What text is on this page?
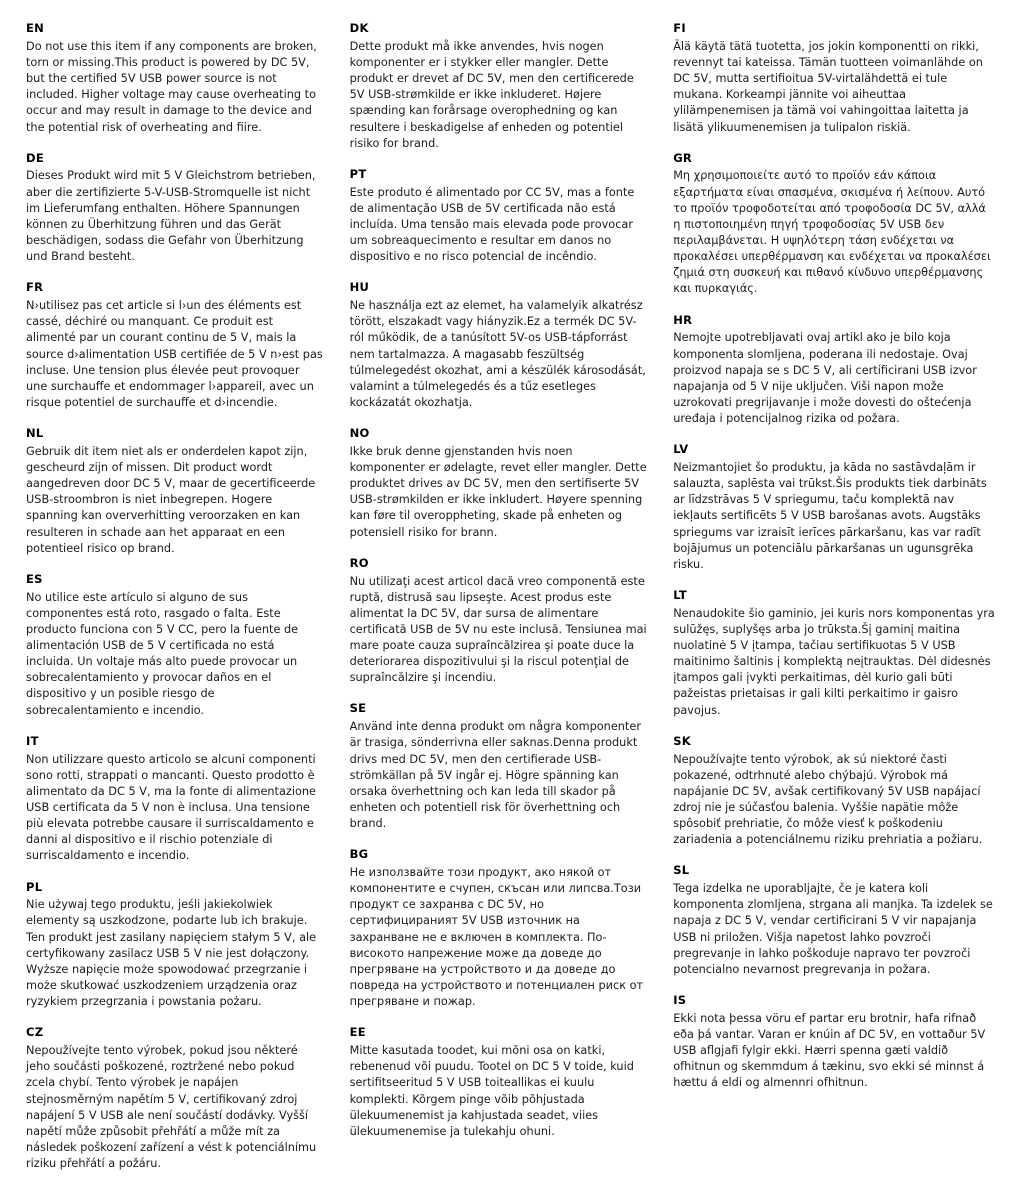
EN

Do not use this item if any components are broken, torn or missing.This product is powered by DC 5V, but the certified 5V USB power source is not included. Higher voltage may cause overheating to occur and may result in damage to the device and the potential risk of overheating and fiire.

DE

Dieses Produkt wird mit 5 V Gleichstrom betrieben, aber die zertifizierte 5-V-USB-Stromquelle ist nicht im Lieferumfang enthalten. Höhere Spannungen können zu Überhitzung führen und das Gerät beschädigen, sodass die Gefahr von Überhitzung und Brand besteht.

FR

N›utilisez pas cet article si l›un des éléments est cassé, déchiré ou manquant. Ce produit est alimenté par un courant continu de 5 V, mais la source d›alimentation USB certifiée de 5 V n›est pas incluse. Une tension plus élevée peut provoquer une surchauffe et endommager l›appareil, avec un risque potentiel de surchauffe et d›incendie.

NL

Gebruik dit item niet als er onderdelen kapot zijn, gescheurd zijn of missen. Dit product wordt aangedreven door DC 5 V, maar de gecertificeerde USB-stroombron is niet inbegrepen. Hogere spanning kan oververhitting veroorzaken en kan resulteren in schade aan het apparaat en een potentieel risico op brand.

ES

No utilice este artículo si alguno de sus componentes está roto, rasgado o falta. Este producto funciona con 5 V CC, pero la fuente de alimentación USB de 5 V certificada no está incluida. Un voltaje más alto puede provocar un sobrecalentamiento y provocar daños en el dispositivo y un posible riesgo de sobrecalentamiento e incendio.

IT

Non utilizzare questo articolo se alcuni componenti sono rotti, strappati o mancanti. Questo prodotto è alimentato da DC 5 V, ma la fonte di alimentazione USB certificata da 5 V non è inclusa. Una tensione più elevata potrebbe causare il surriscaldamento e danni al dispositivo e il rischio potenziale di surriscaldamento e incendio.

PL

Nie używaj tego produktu, jeśli jakiekolwiek elementy są uszkodzone, podarte lub ich brakuje. Ten produkt jest zasilany napięciem stałym 5 V, ale certyfikowany zasilacz USB 5 V nie jest dołączony. Wyższe napięcie może spowodować przegrzanie i może skutkować uszkodzeniem urządzenia oraz ryzykiem przegrzania i powstania pożaru.

CZ

Nepoužívejte tento výrobek, pokud jsou některé jeho součásti poškozené, roztržené nebo pokud zcela chybí. Tento výrobek je napájen stejnosměrným napětím 5 V, certifikovaný zdroj napájení 5 V USB ale není součástí dodávky. Vyšší napětí může způsobit přehřátí a může mít za následek poškození zařízení a vést k potenciálnímu riziku přehřátí a požáru.

DK

Dette produkt må ikke anvendes, hvis nogen komponenter er i stykker eller mangler. Dette produkt er drevet af DC 5V, men den certificerede 5V USB-strømkilde er ikke inkluderet. Højere spænding kan forårsage overophedning og kan resultere i beskadigelse af enheden og potentiel risiko for brand.

PT

Este produto é alimentado por CC 5V, mas a fonte de alimentação USB de 5V certificada não está incluída. Uma tensão mais elevada pode provocar um sobreaquecimento e resultar em danos no dispositivo e no risco potencial de incêndio.

HU

Ne használja ezt az elemet, ha valamelyik alkatrész törött, elszakadt vagy hiányzik.Ez a termék DC 5V-ról működik, de a tanúsított 5V-os USB-tápforrást nem tartalmazza. A magasabb feszültség túlmelegedést okozhat, ami a készülék károsodását, valamint a túlmelegedés és a tűz esetleges kockázatát okozhatja.

NO

Ikke bruk denne gjenstanden hvis noen komponenter er ødelagte, revet eller mangler. Dette produktet drives av DC 5V, men den sertifiserte 5V USB-strømkilden er ikke inkludert. Høyere spenning kan føre til overoppheting, skade på enheten og potensiell risiko for brann.

RO

Nu utilizaţi acest articol dacă vreo componentă este ruptă, distrusă sau lipseşte. Acest produs este alimentat la DC 5V, dar sursa de alimentare certificată USB de 5V nu este inclusă. Tensiunea mai mare poate cauza supraîncălzirea şi poate duce la deteriorarea dispozitivului şi la riscul potenţial de supraîncălzire şi incendiu.

SE

Använd inte denna produkt om några komponenter är trasiga, sönderrivna eller saknas.Denna produkt drivs med DC 5V, men den certifierade USB-strömkällan på 5V ingår ej. Högre spänning kan orsaka överhettning och kan leda till skador på enheten och potentiell risk för överhettning och brand.

BG

Не използвайте този продукт, ако някой от компонентите е счупен, скъсан или липсва.Този продукт се захранва с DC 5V, но сертифицираният 5V USB източник на захранване не е включен в комплекта. По-високото напрежение може да доведе до прегряване на устройството и да доведе до повреда на устройството и потенциален риск от прегряване и пожар.

EE

Mitte kasutada toodet, kui mõni osa on katki, rebenenud või puudu. Tootel on DC 5 V toide, kuid sertifitseeritud 5 V USB toiteallikas ei kuulu komplekti. Kõrgem pinge võib põhjustada ülekuumenemist ja kahjustada seadet, viies ülekuumenemise ja tulekahju ohuni.

FI

Älä käytä tätä tuotetta, jos jokin komponentti on rikki, revennyt tai kateissa. Tämän tuotteen voimanlähde on DC 5V, mutta sertifioitua 5V-virtalähdettä ei tule mukana. Korkeampi jännite voi aiheuttaa ylilämpenemisen ja tämä voi vahingoittaa laitetta ja lisätä ylikuumenemisen ja tulipalon riskiä.

GR

Μη χρησιμοποιείτε αυτό το προϊόν εάν κάποια εξαρτήματα είναι σπασμένα, σκισμένα ή λείπουν. Αυτό το προϊόν τροφοδοτείται από τροφοδοσία DC 5V, αλλά η πιστοποιημένη πηγή τροφοδοσίας 5V USB δεν περιλαμβάνεται. Η υψηλότερη τάση ενδέχεται να προκαλέσει υπερθέρμανση και ενδέχεται να προκαλέσει ζημιά στη συσκευή και πιθανό κίνδυνο υπερθέρμανσης και πυρκαγιάς.

HR

Nemojte upotrebljavati ovaj artikl ako je bilo koja komponenta slomljena, poderana ili nedostaje. Ovaj proizvod napaja se s DC 5 V, ali certificirani USB izvor napajanja od 5 V nije uključen. Viši napon može uzrokovati pregrijavanje i može dovesti do oštećenja uređaja i potencijalnog rizika od požara.

LV

Neizmantojiet šo produktu, ja kāda no sastāvdaļām ir salauzta, saplēsta vai trūkst.Šis produkts tiek darbināts ar līdzstrāvas 5 V spriegumu, taču komplektā nav iekļauts sertificēts 5 V USB barošanas avots. Augstāks spriegums var izraisīt ierīces pārkaršanu, kas var radīt bojājumus un potenciālu pārkaršanas un ugunsgrēka risku.

LT

Nenaudokite šio gaminio, jei kuris nors komponentas yra sulūžęs, suplyšęs arba jo trūksta.Šį gaminį maitina nuolatinė 5 V įtampa, tačiau sertifikuotas 5 V USB maitinimo šaltinis į komplektą neįtrauktas. Dėl didesnės įtampos gali įvykti perkaitimas, dėl kurio gali būti pažeistas prietaisas ir gali kilti perkaitimo ir gaisro pavojus.

SK

Nepoužívajte tento výrobok, ak sú niektoré časti pokazené, odtrhnuté alebo chýbajú. Výrobok má napájanie DC 5V, avšak certifikovaný 5V USB napájací zdroj nie je súčasťou balenia. Vyššie napätie môže spôsobiť prehriatie, čo môže viesť k poškodeniu zariadenia a potenciálnemu riziku prehriatia a požiaru.

SL

Tega izdelka ne uporabljajte, če je katera koli komponenta zlomljena, strgana ali manjka. Ta izdelek se napaja z DC 5 V, vendar certificirani 5 V vir napajanja USB ni priložen. Višja napetost lahko povzroči pregrevanje in lahko poškoduje napravo ter povzroči potencialno nevarnost pregrevanja in požara.

IS

Ekki nota þessa vöru ef partar eru brotnir, hafa rifnað eða þá vantar. Varan er knúin af DC 5V, en vottaður 5V USB aflgjafi fylgir ekki. Hærri spenna gæti valdið ofhitnun og skemmdum á tækinu, svo ekki sé minnst á hættu á eldi og almennri ofhitnun.
